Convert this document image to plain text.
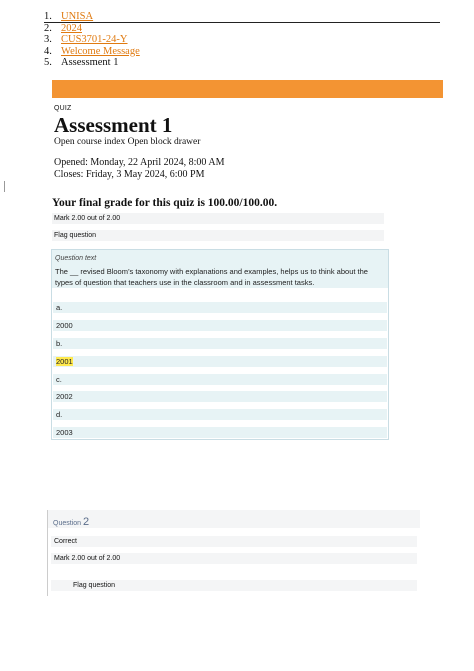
1. UNISA
2. 2024
3. CUS3701-24-Y
4. Welcome Message
5. Assessment 1
QUIZ
Assessment 1
Open course index Open block drawer
Opened: Monday, 22 April 2024, 8:00 AM
Closes: Friday, 3 May 2024, 6:00 PM
Your final grade for this quiz is 100.00/100.00.
Mark 2.00 out of 2.00
Flag question
Question text
The __ revised Bloom’s taxonomy with explanations and examples, helps us to think about the types of question that teachers use in the classroom and in assessment tasks.
a.
2000
b.
2001
c.
2002
d.
2003
Question 2
Correct
Mark 2.00 out of 2.00
Flag question
